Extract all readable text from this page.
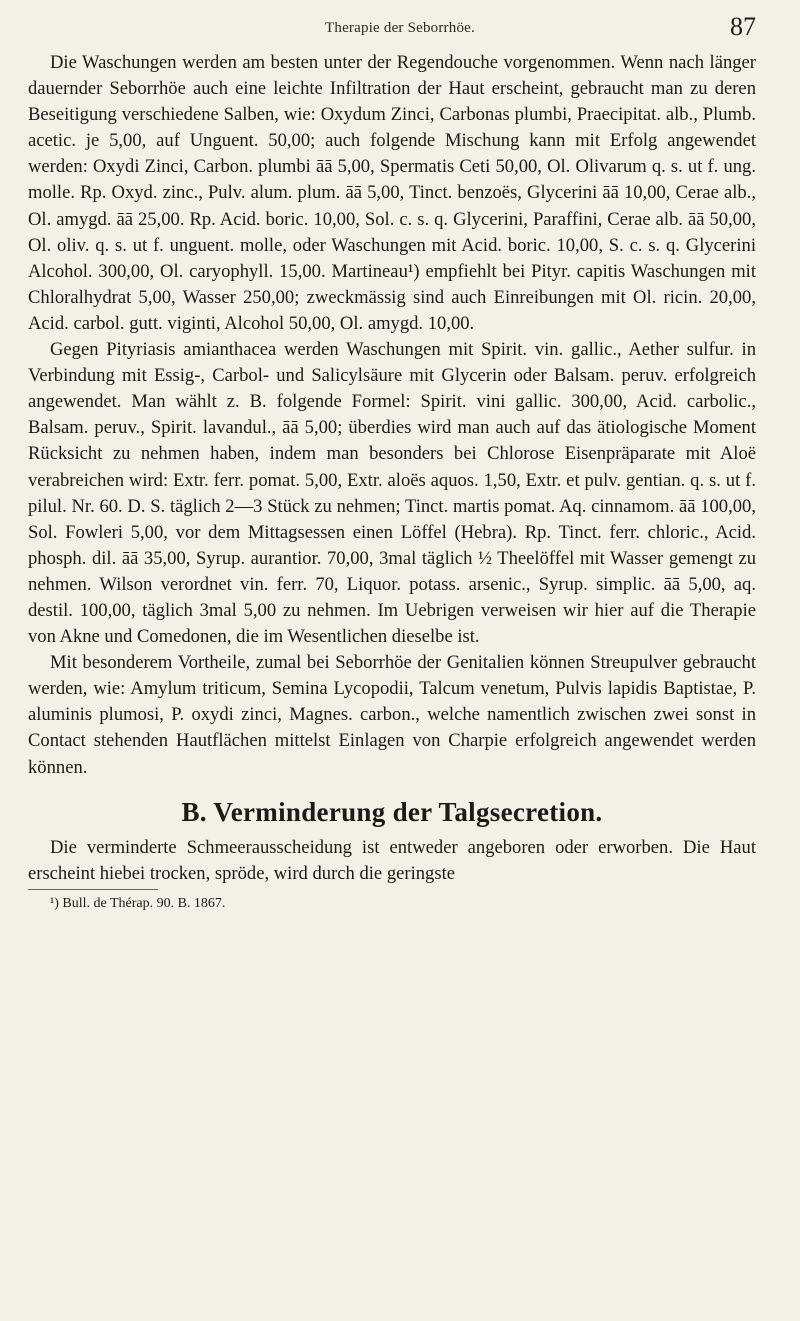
Therapie der Seborrhöe.	87

Die Waschungen werden am besten unter der Regendouche vorgenommen. Wenn nach länger dauernder Seborrhöe auch eine leichte Infiltration der Haut erscheint, gebraucht man zu deren Beseitigung verschiedene Salben, wie: Oxydum Zinci, Carbonas plumbi, Praecipitat. alb., Plumb. acetic. je 5,00, auf Unguent. 50,00; auch folgende Mischung kann mit Erfolg angewendet werden: Oxydi Zinci, Carbon. plumbi āā 5,00, Spermatis Ceti 50,00, Ol. Olivarum q. s. ut f. ung. molle. Rp. Oxyd. zinc., Pulv. alum. plum. āā 5,00, Tinct. benzoës, Glycerini āā 10,00, Cerae alb., Ol. amygd. āā 25,00. Rp. Acid. boric. 10,00, Sol. c. s. q. Glycerini, Paraffini, Cerae alb. āā 50,00, Ol. oliv. q. s. ut f. unguent. molle, oder Waschungen mit Acid. boric. 10,00, S. c. s. q. Glycerini Alcohol. 300,00, Ol. caryophyll. 15,00. Martineau¹) empfiehlt bei Pityr. capitis Waschungen mit Chloralhydrat 5,00, Wasser 250,00; zweckmässig sind auch Einreibungen mit Ol. ricin. 20,00, Acid. carbol. gutt. viginti, Alcohol 50,00, Ol. amygd. 10,00.

Gegen Pityriasis amianthacea werden Waschungen mit Spirit. vin. gallic., Aether sulfur. in Verbindung mit Essig-, Carbol- und Salicylsäure mit Glycerin oder Balsam. peruv. erfolgreich angewendet. Man wählt z. B. folgende Formel: Spirit. vini gallic. 300,00, Acid. carbolic., Balsam. peruv., Spirit. lavandul., āā 5,00; überdies wird man auch auf das ätiologische Moment Rücksicht zu nehmen haben, indem man besonders bei Chlorose Eisenpräparate mit Aloë verabreichen wird: Extr. ferr. pomat. 5,00, Extr. aloës aquos. 1,50, Extr. et pulv. gentian. q. s. ut f. pilul. Nr. 60. D. S. täglich 2—3 Stück zu nehmen; Tinct. martis pomat. Aq. cinnamom. āā 100,00, Sol. Fowleri 5,00, vor dem Mittagsessen einen Löffel (Hebra). Rp. Tinct. ferr. chloric., Acid. phosph. dil. āā 35,00, Syrup. aurantior. 70,00, 3mal täglich ½ Theelöffel mit Wasser gemengt zu nehmen. Wilson verordnet vin. ferr. 70, Liquor. potass. arsenic., Syrup. simplic. āā 5,00, aq. destil. 100,00, täglich 3mal 5,00 zu nehmen. Im Uebrigen verweisen wir hier auf die Therapie von Akne und Comedonen, die im Wesentlichen dieselbe ist.

Mit besonderem Vortheile, zumal bei Seborrhöe der Genitalien können Streupulver gebraucht werden, wie: Amylum triticum, Semina Lycopodii, Talcum venetum, Pulvis lapidis Baptistae, P. aluminis plumosi, P. oxydi zinci, Magnes. carbon., welche namentlich zwischen zwei sonst in Contact stehenden Hautflächen mittelst Einlagen von Charpie erfolgreich angewendet werden können.

B. Verminderung der Talgsecretion.

Die verminderte Schmeerausscheidung ist entweder angeboren oder erworben. Die Haut erscheint hiebei trocken, spröde, wird durch die geringste

¹) Bull. de Thérap. 90. B. 1867.
